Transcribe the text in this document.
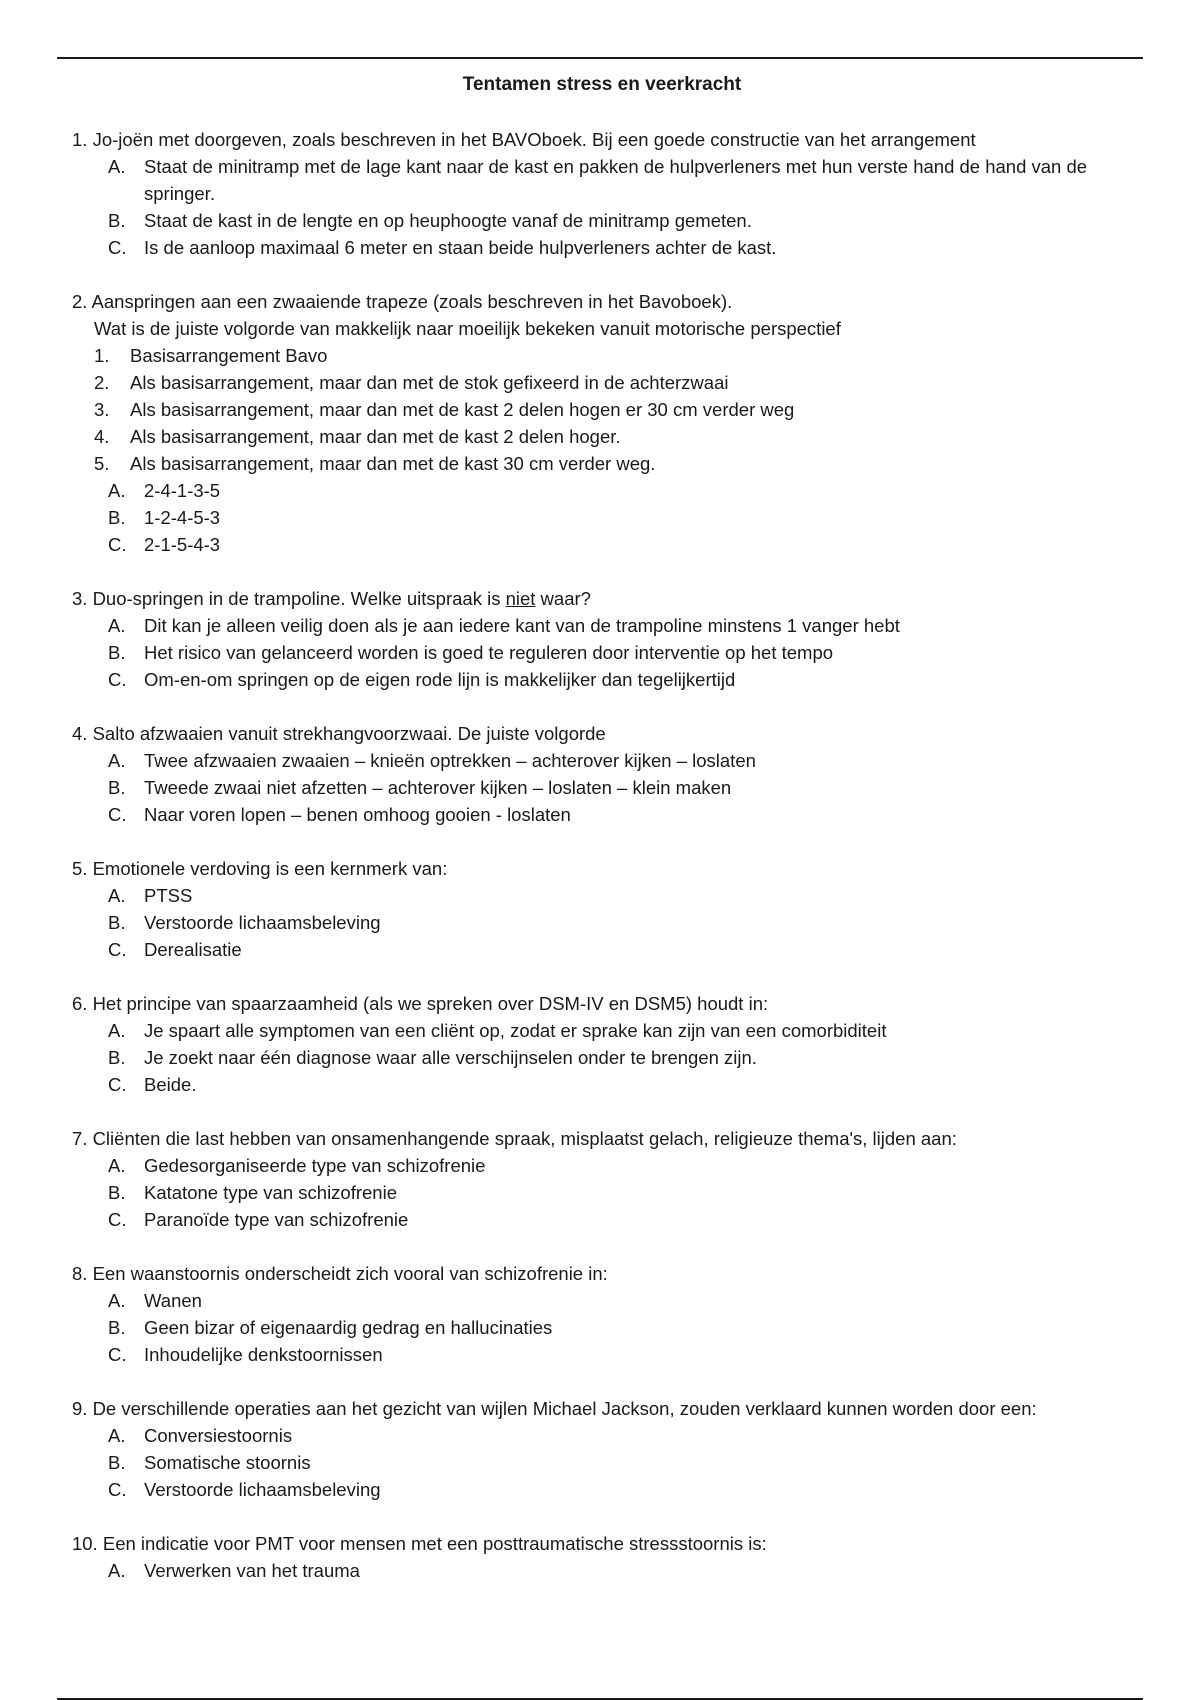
Tentamen stress en veerkracht

1. Jo-joën met doorgeven, zoals beschreven in het BAVOboek. Bij een goede constructie van het arrangement

A.	Staat de minitramp met de lage kant naar de kast en pakken de hulpverleners met hun verste hand de hand van de springer.
B.	Staat de kast in de lengte en op heuphoogte vanaf de minitramp gemeten.
C. Is de aanloop maximaal 6 meter en staan beide hulpverleners achter de kast.

2. Aanspringen aan een zwaaiende trapeze (zoals beschreven in het Bavoboek).

Wat is de juiste volgorde van makkelijk naar moeilijk bekeken vanuit motorische perspectief

1.	Basisarrangement Bavo
2.	Als basisarrangement, maar dan met de stok gefixeerd in de achterzwaai
3.	Als basisarrangement, maar dan met de kast 2 delen hogen er 30 cm verder weg
4.	Als basisarrangement, maar dan met de kast 2 delen hoger.
5.	Als basisarrangement, maar dan met de kast 30 cm verder weg.
A.	2-4-1-3-5
B.	1-2-4-5-3
C. 2-1-5-4-3

3. Duo-springen in de trampoline. Welke uitspraak is niet waar?

A.	Dit kan je alleen veilig doen als je aan iedere kant van de trampoline minstens 1 vanger hebt
B.	Het risico van gelanceerd worden is goed te reguleren door interventie op het tempo
C. Om-en-om springen op de eigen rode lijn is makkelijker dan tegelijkertijd

4. Salto afzwaaien vanuit strekhangvoorzwaai. De juiste volgorde

A.	Twee afzwaaien zwaaien – knieën optrekken – achterover kijken – loslaten
B.	Tweede zwaai niet afzetten – achterover kijken – loslaten – klein maken
C. Naar voren lopen – benen omhoog gooien - loslaten

5. Emotionele verdoving is een kernmerk van:

A.	PTSS
B.	Verstoorde lichaamsbeleving
C. Derealisatie

6. Het principe van spaarzaamheid (als we spreken over DSM-IV en DSM5) houdt in:

A.	Je spaart alle symptomen van een cliënt op, zodat er sprake kan zijn van een comorbiditeit
B.	Je zoekt naar één diagnose waar alle verschijnselen onder te brengen zijn.
C. Beide.

7. Cliënten die last hebben van onsamenhangende spraak, misplaatst gelach, religieuze thema's, lijden aan:

A.	Gedesorganiseerde type van schizofrenie
B.	Katatone type van schizofrenie
C. Paranoïde type van schizofrenie

8. Een waanstoornis onderscheidt zich vooral van schizofrenie in:

A.	Wanen
B.	Geen bizar of eigenaardig gedrag en hallucinaties
C. Inhoudelijke denkstoornissen

9. De verschillende operaties aan het gezicht van wijlen Michael Jackson, zouden verklaard kunnen worden door een:

A.	Conversiestoornis
B.	Somatische stoornis
C. Verstoorde lichaamsbeleving

10. Een indicatie voor PMT voor mensen met een posttraumatische stressstoornis is:

A.	Verwerken van het trauma
